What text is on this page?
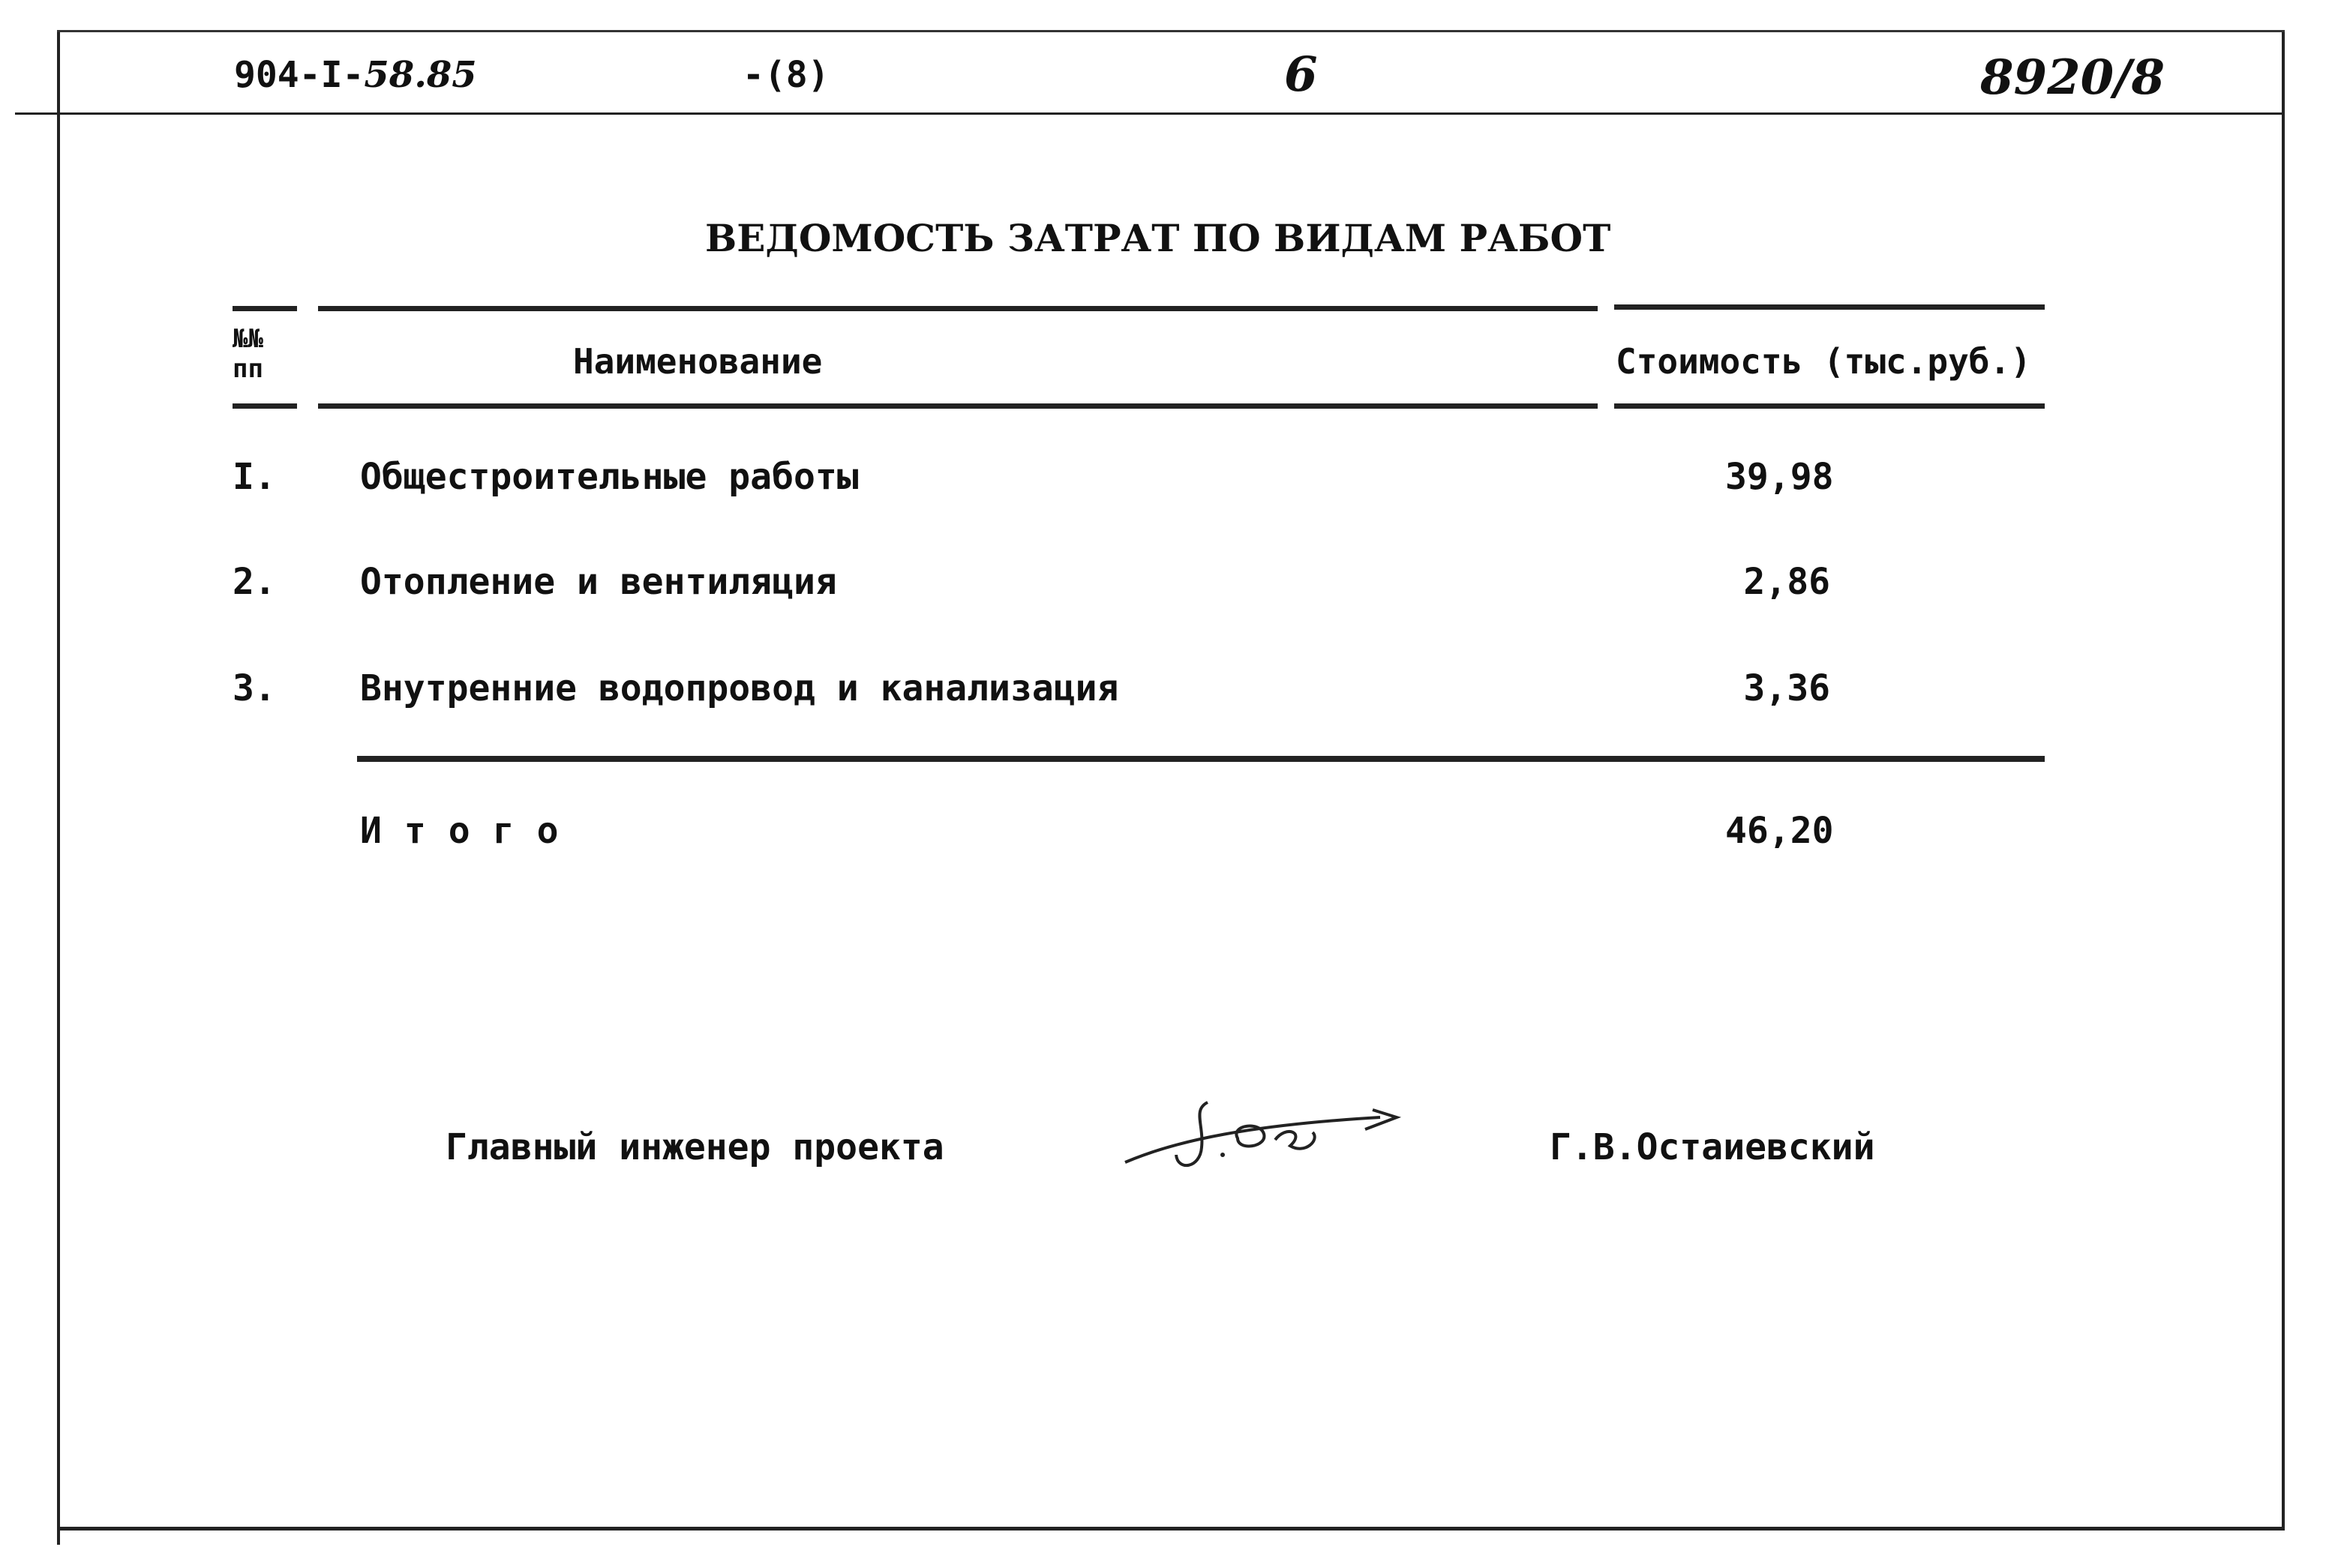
904-I-58.85	-(8)	6	8920/8
ВЕДОМОСТЬ ЗАТРАТ ПО ВИДАМ РАБОТ
№№
пп	Наименование	Стоимость (тыс.руб.)
I. Общестроительные работы	39,98
2. Отопление и вентиляция	2,86
3. Внутренние водопровод и канализация	3,36
Итого	46,20
Главный инженер проекта	Г.В.Остаиевский
